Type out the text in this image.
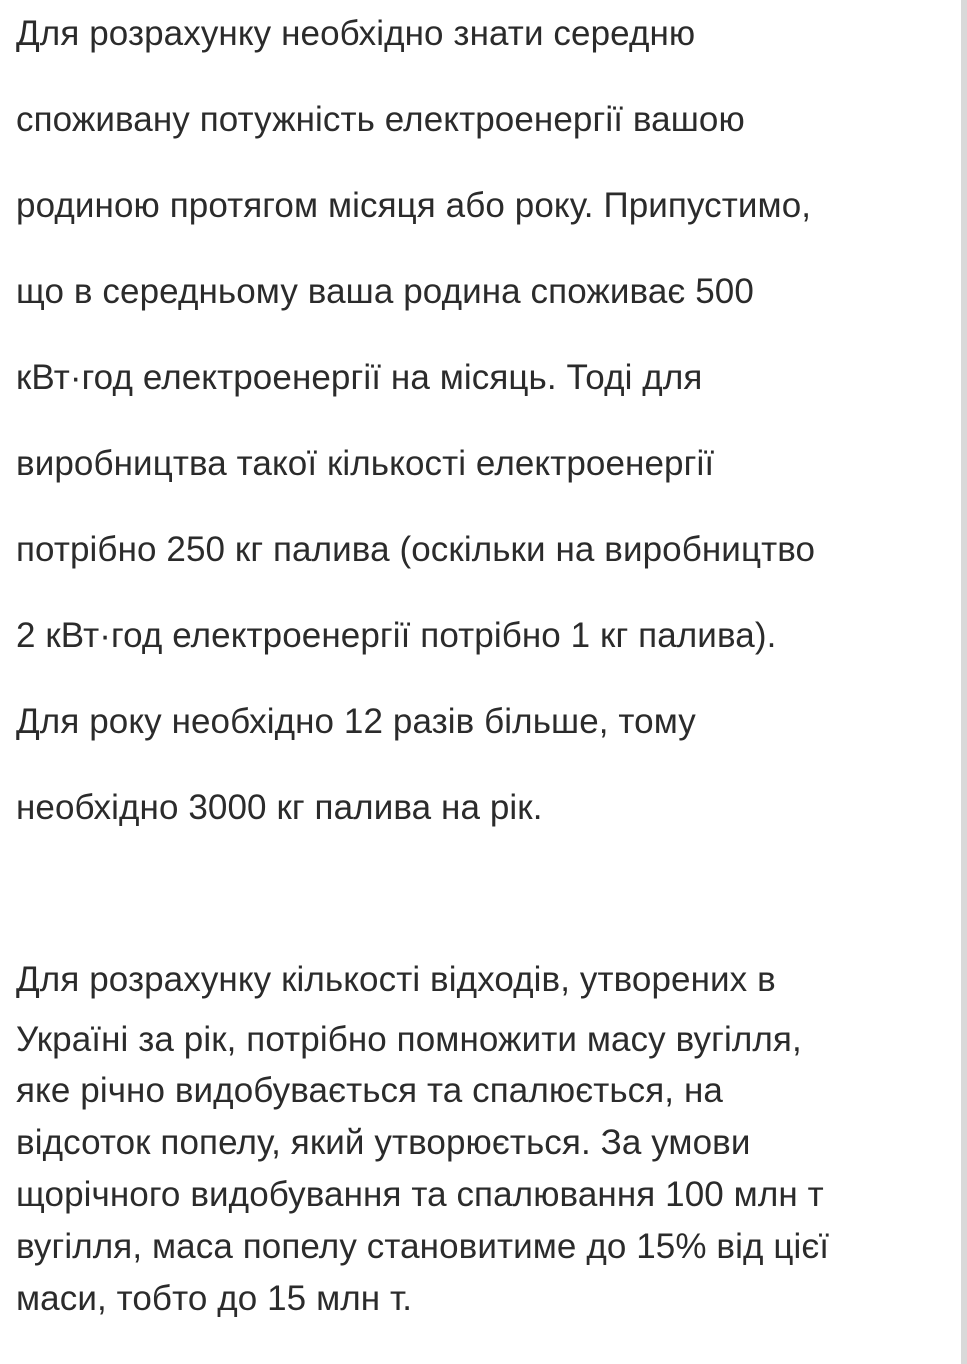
Для розрахунку необхідно знати середню
споживану потужність електроенергії вашою
родиною протягом місяця або року. Припустимо,
що в середньому ваша родина споживає 500
кВт·год електроенергії на місяць. Тоді для
виробництва такої кількості електроенергії
потрібно 250 кг палива (оскільки на виробництво
2 кВт·год електроенергії потрібно 1 кг палива).
Для року необхідно 12 разів більше, тому
необхідно 3000 кг палива на рік.
Для розрахунку кількості відходів, утворених в
Україні за рік, потрібно помножити масу вугілля,
яке річно видобувається та спалюється, на
відсоток попелу, який утворюється. За умови
щорічного видобування та спалювання 100 млн т
вугілля, маса попелу становитиме до 15% від цієї
маси, тобто до 15 млн т.
